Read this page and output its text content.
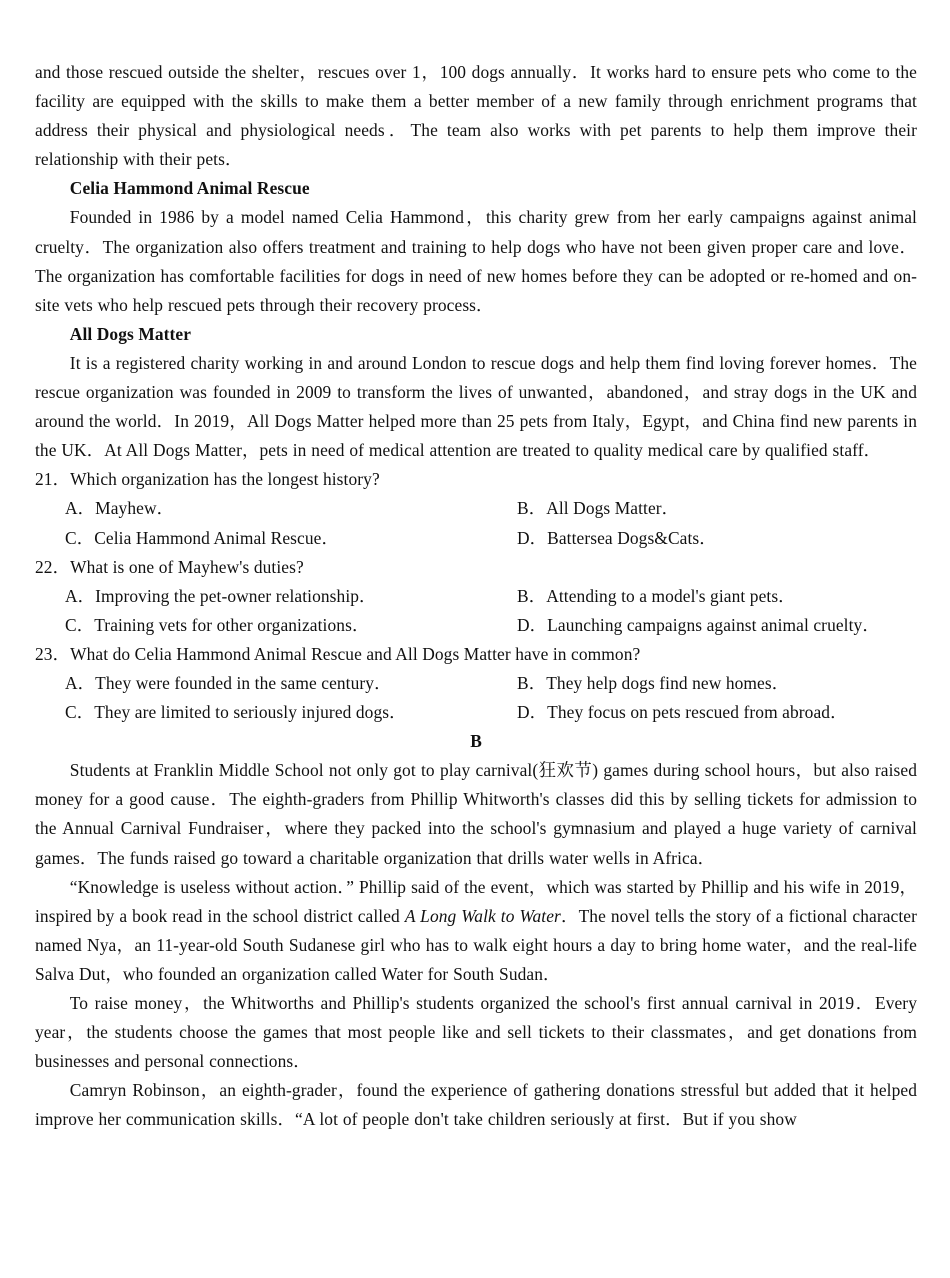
and those rescued outside the shelter，rescues over 1，100 dogs annually．It works hard to ensure pets who come to the facility are equipped with the skills to make them a better member of a new family through enrichment programs that address their physical and physiological needs．The team also works with pet parents to help them improve their relationship with their pets．

Celia Hammond Animal Rescue

Founded in 1986 by a model named Celia Hammond，this charity grew from her early campaigns against animal cruelty．The organization also offers treatment and training to help dogs who have not been given proper care and love．The organization has comfortable facilities for dogs in need of new homes before they can be adopted or re-homed and on-site vets who help rescued pets through their recovery process．

All Dogs Matter

It is a registered charity working in and around London to rescue dogs and help them find loving forever homes．The rescue organization was founded in 2009 to transform the lives of unwanted，abandoned，and stray dogs in the UK and around the world．In 2019，All Dogs Matter helped more than 25 pets from Italy，Egypt，and China find new parents in the UK．At All Dogs Matter，pets in need of medical attention are treated to quality medical care by qualified staff．

21．Which organization has the longest history?

A．Mayhew．	B．All Dogs Matter．
C．Celia Hammond Animal Rescue．	D．Battersea Dogs&Cats．

22．What is one of Mayhew's duties?

A．Improving the pet-owner relationship．	B．Attending to a model's giant pets．
C．Training vets for other organizations．	D．Launching campaigns against animal cruelty．

23．What do Celia Hammond Animal Rescue and All Dogs Matter have in common?

A．They were founded in the same century．	B．They help dogs find new homes．
C．They are limited to seriously injured dogs．	D．They focus on pets rescued from abroad．

B

Students at Franklin Middle School not only got to play carnival(狂欢节) games during school hours，but also raised money for a good cause．The eighth-graders from Phillip Whitworth's classes did this by selling tickets for admission to the Annual Carnival Fundraiser，where they packed into the school's gymnasium and played a huge variety of carnival games．The funds raised go toward a charitable organization that drills water wells in Africa．

“Knowledge is useless without action．” Phillip said of the event，which was started by Phillip and his wife in 2019，inspired by a book read in the school district called A Long Walk to Water．The novel tells the story of a fictional character named Nya，an 11-year-old South Sudanese girl who has to walk eight hours a day to bring home water，and the real-life Salva Dut，who founded an organization called Water for South Sudan．

To raise money，the Whitworths and Phillip's students organized the school's first annual carnival in 2019．Every year，the students choose the games that most people like and sell tickets to their classmates，and get donations from businesses and personal connections．

Camryn Robinson，an eighth-grader，found the experience of gathering donations stressful but added that it helped improve her communication skills．“A lot of people don't take children seriously at first．But if you show
